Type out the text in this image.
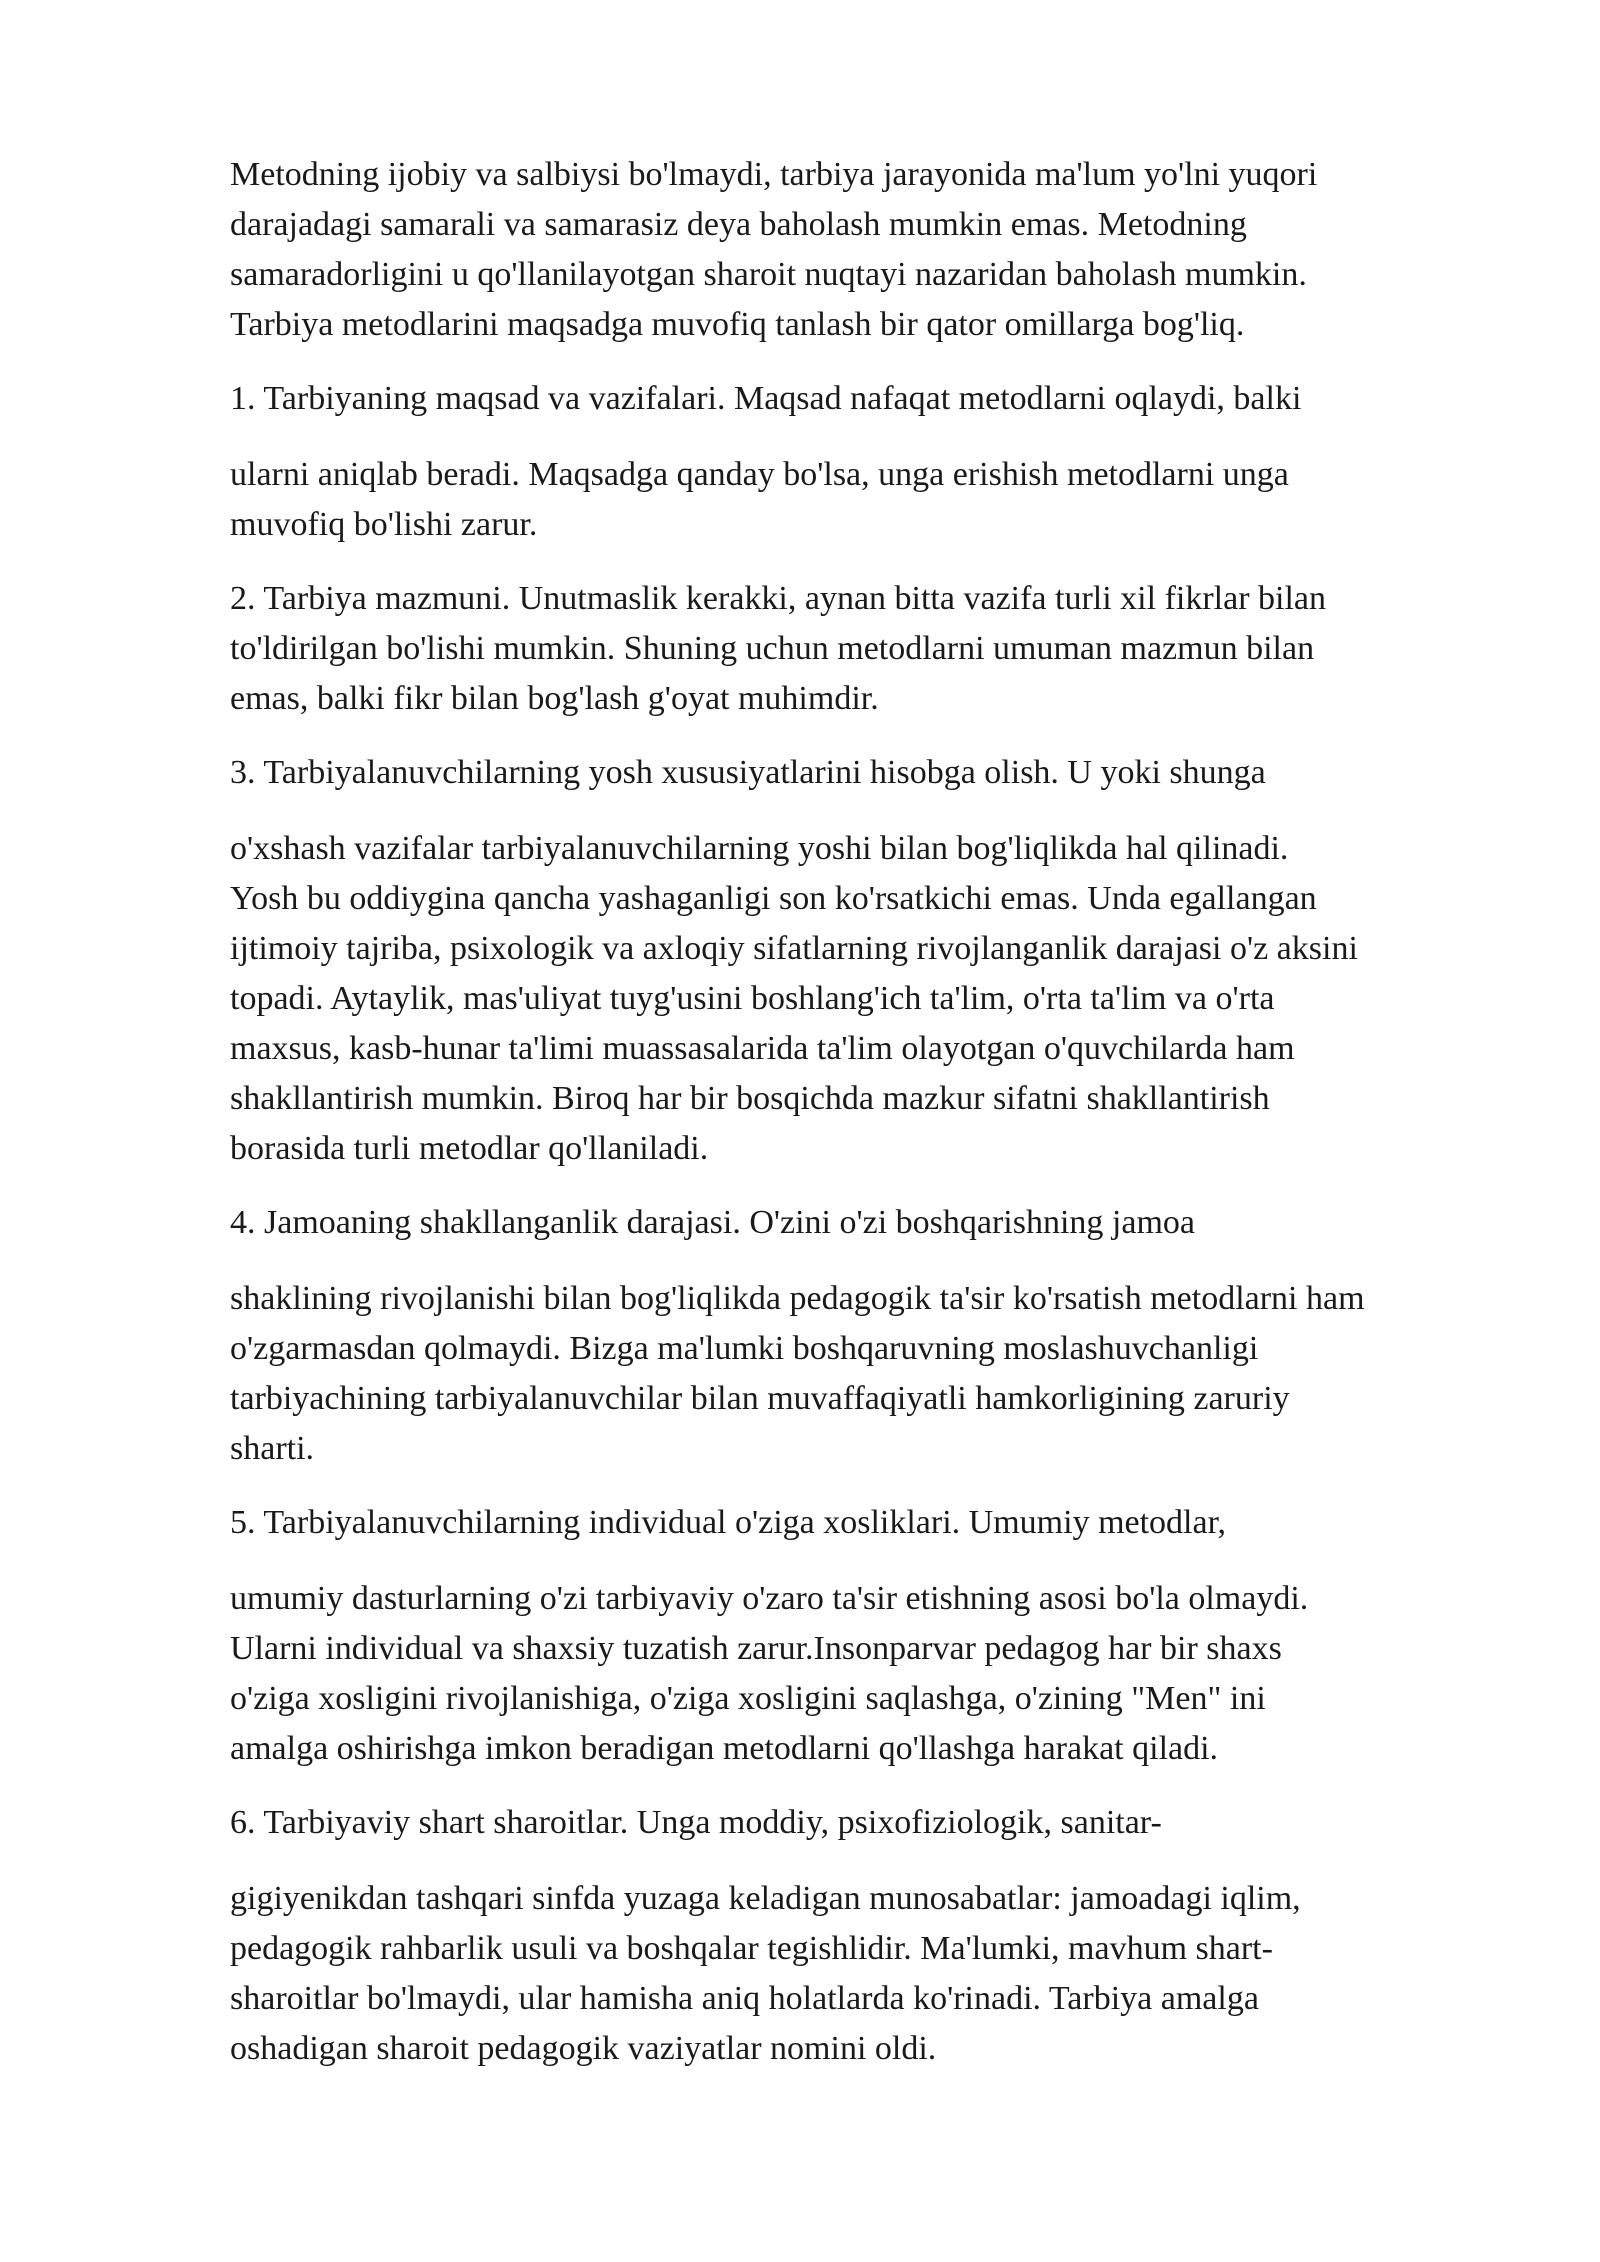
Metodning ijobiy va salbiysi bo'lmaydi, tarbiya jarayonida ma'lum yo'lni yuqori
darajadagi samarali va samarasiz deya baholash mumkin emas. Metodning
samaradorligini u qo'llanilayotgan sharoit nuqtayi nazaridan baholash mumkin.
Tarbiya metodlarini maqsadga muvofiq tanlash bir qator omillarga bog'liq.

1. Tarbiyaning maqsad va vazifalari. Maqsad nafaqat metodlarni oqlaydi, balki

ularni aniqlab beradi. Maqsadga qanday bo'lsa, unga erishish metodlarni unga
muvofiq bo'lishi zarur.

2. Tarbiya mazmuni. Unutmaslik kerakki, aynan bitta vazifa turli xil fikrlar bilan
to'ldirilgan bo'lishi mumkin. Shuning uchun metodlarni umuman mazmun bilan
emas, balki fikr bilan bog'lash g'oyat muhimdir.

3. Tarbiyalanuvchilarning yosh xususiyatlarini hisobga olish. U yoki shunga

o'xshash vazifalar tarbiyalanuvchilarning yoshi bilan bog'liqlikda hal qilinadi.
Yosh bu oddiygina qancha yashaganligi son ko'rsatkichi emas. Unda egallangan
ijtimoiy tajriba, psixologik va axloqiy sifatlarning rivojlanganlik darajasi o'z aksini
topadi. Aytaylik, mas'uliyat tuyg'usini boshlang'ich ta'lim, o'rta ta'lim va o'rta
maxsus, kasb-hunar ta'limi muassasalarida ta'lim olayotgan o'quvchilarda ham
shakllantirish mumkin. Biroq har bir bosqichda mazkur sifatni shakllantirish
borasida turli metodlar qo'llaniladi.

4. Jamoaning shakllanganlik darajasi. O'zini o'zi boshqarishning jamoa

shaklining rivojlanishi bilan bog'liqlikda pedagogik ta'sir ko'rsatish metodlarni ham
o'zgarmasdan qolmaydi. Bizga ma'lumki boshqaruvning moslashuvchanligi
tarbiyachining tarbiyalanuvchilar bilan muvaffaqiyatli hamkorligining zaruriy
sharti.

5. Tarbiyalanuvchilarning individual o'ziga xosliklari. Umumiy metodlar,

umumiy dasturlarning o'zi tarbiyaviy o'zaro ta'sir etishning asosi bo'la olmaydi.
Ularni individual va shaxsiy tuzatish zarur.Insonparvar pedagog har bir shaxs
o'ziga xosligini rivojlanishiga, o'ziga xosligini saqlashga, o'zining "Men" ini
amalga oshirishga imkon beradigan metodlarni qo'llashga harakat qiladi.

6. Tarbiyaviy shart sharoitlar. Unga moddiy, psixofiziologik, sanitar-

gigiyenikdan tashqari sinfda yuzaga keladigan munosabatlar: jamoadagi iqlim,
pedagogik rahbarlik usuli va boshqalar tegishlidir. Ma'lumki, mavhum shart-
sharoitlar bo'lmaydi, ular hamisha aniq holatlarda ko'rinadi. Tarbiya amalga
oshadigan sharoit pedagogik vaziyatlar nomini oldi.
